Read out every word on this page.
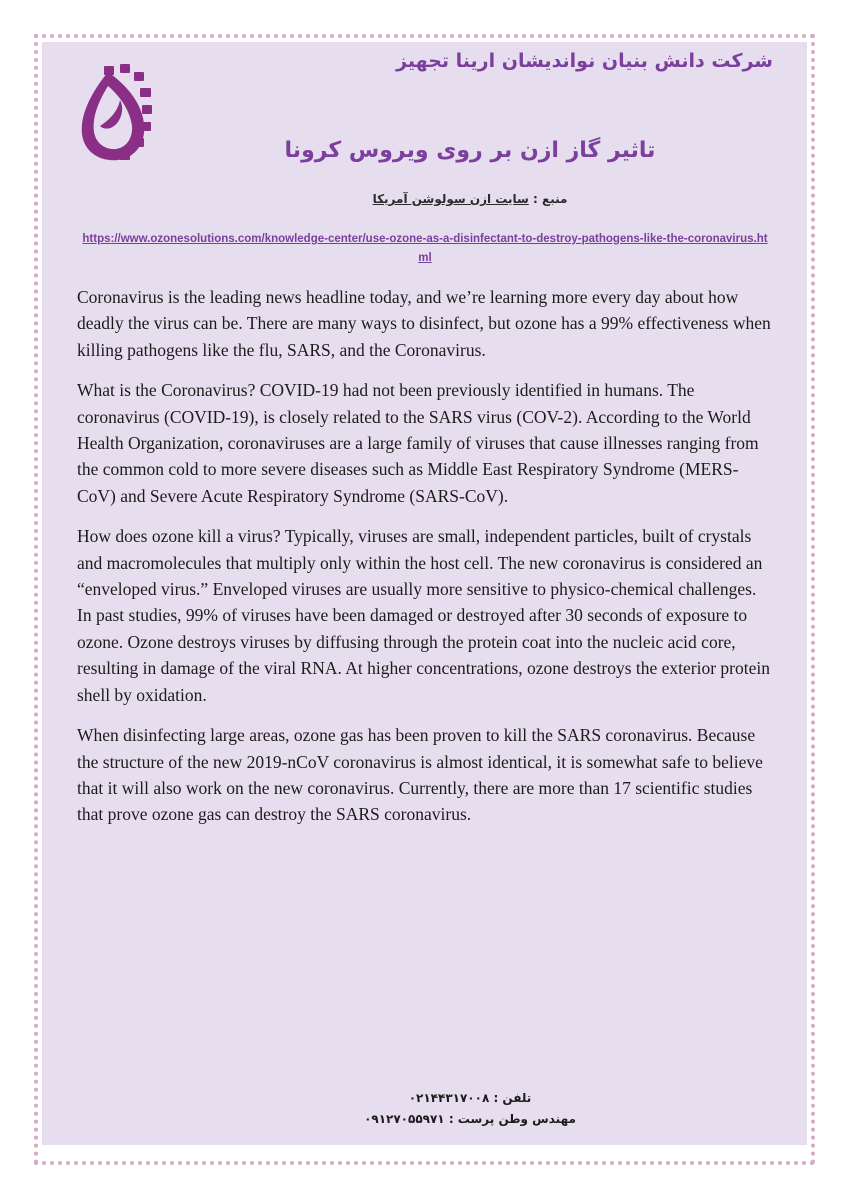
شرکت دانش بنیان نواندیشان ارینا تجهیز
تاثیر گاز ازن بر روی ویروس کرونا
منبع : سایت ازن سولوشن آمریکا
https://www.ozonesolutions.com/knowledge-center/use-ozone-as-a-disinfectant-to-destroy-pathogens-like-the-coronavirus.html

Coronavirus is the leading news headline today, and we’re learning more every day about how deadly the virus can be. There are many ways to disinfect, but ozone has a 99% effectiveness when killing pathogens like the flu, SARS, and the Coronavirus.

What is the Coronavirus? COVID-19 had not been previously identified in humans. The coronavirus (COVID-19), is closely related to the SARS virus (COV-2). According to the World Health Organization, coronaviruses are a large family of viruses that cause illnesses ranging from the common cold to more severe diseases such as Middle East Respiratory Syndrome (MERS-CoV) and Severe Acute Respiratory Syndrome (SARS-CoV).

How does ozone kill a virus? Typically, viruses are small, independent particles, built of crystals and macromolecules that multiply only within the host cell. The new coronavirus is considered an “enveloped virus.” Enveloped viruses are usually more sensitive to physico-chemical challenges. In past studies, 99% of viruses have been damaged or destroyed after 30 seconds of exposure to ozone. Ozone destroys viruses by diffusing through the protein coat into the nucleic acid core, resulting in damage of the viral RNA. At higher concentrations, ozone destroys the exterior protein shell by oxidation.

When disinfecting large areas, ozone gas has been proven to kill the SARS coronavirus. Because the structure of the new 2019-nCoV coronavirus is almost identical, it is somewhat safe to believe that it will also work on the new coronavirus. Currently, there are more than 17 scientific studies that prove ozone gas can destroy the SARS coronavirus.

تلفن : ۰۲۱۴۴۳۱۷۰۰۸
مهندس وطن پرست : ۰۹۱۲۷۰۵۵۹۷۱
